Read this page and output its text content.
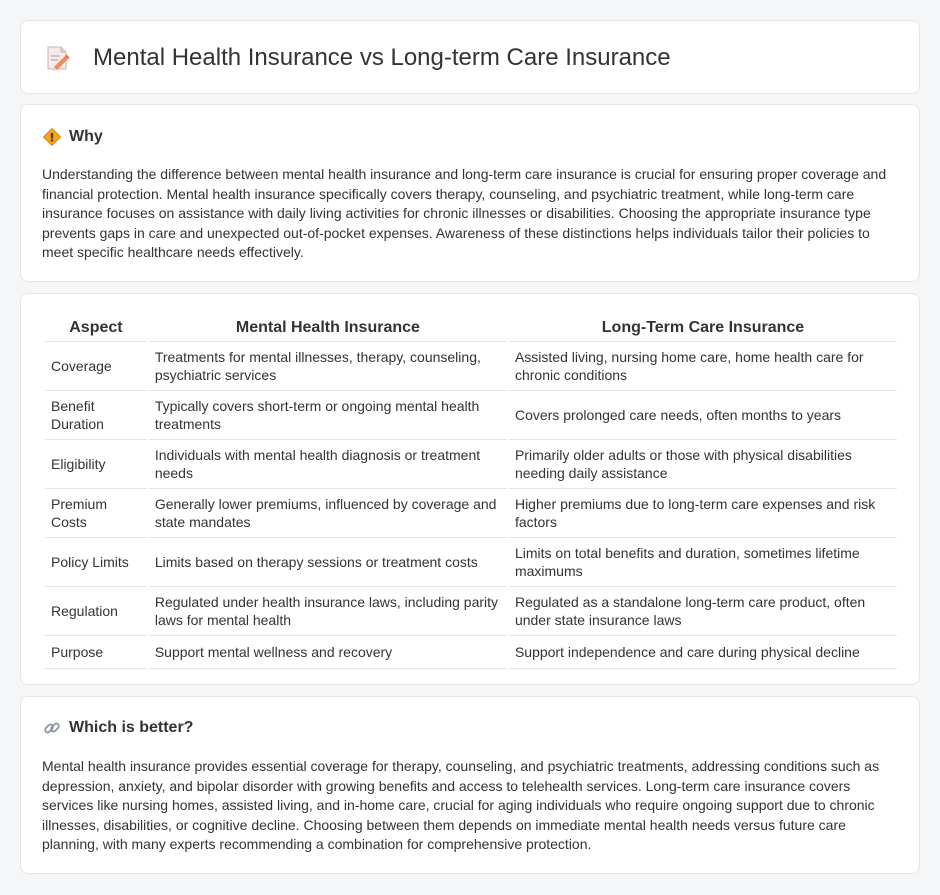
Mental Health Insurance vs Long-term Care Insurance
Why

Understanding the difference between mental health insurance and long-term care insurance is crucial for ensuring proper coverage and financial protection. Mental health insurance specifically covers therapy, counseling, and psychiatric treatment, while long-term care insurance focuses on assistance with daily living activities for chronic illnesses or disabilities. Choosing the appropriate insurance type prevents gaps in care and unexpected out-of-pocket expenses. Awareness of these distinctions helps individuals tailor their policies to meet specific healthcare needs effectively.

Aspect	Mental Health Insurance	Long-Term Care Insurance
Coverage	Treatments for mental illnesses, therapy, counseling, psychiatric services	Assisted living, nursing home care, home health care for chronic conditions
Benefit Duration	Typically covers short-term or ongoing mental health treatments	Covers prolonged care needs, often months to years
Eligibility	Individuals with mental health diagnosis or treatment needs	Primarily older adults or those with physical disabilities needing daily assistance
Premium Costs	Generally lower premiums, influenced by coverage and state mandates	Higher premiums due to long-term care expenses and risk factors
Policy Limits	Limits based on therapy sessions or treatment costs	Limits on total benefits and duration, sometimes lifetime maximums
Regulation	Regulated under health insurance laws, including parity laws for mental health	Regulated as a standalone long-term care product, often under state insurance laws
Purpose	Support mental wellness and recovery	Support independence and care during physical decline
Which is better?

Mental health insurance provides essential coverage for therapy, counseling, and psychiatric treatments, addressing conditions such as depression, anxiety, and bipolar disorder with growing benefits and access to telehealth services. Long-term care insurance covers services like nursing homes, assisted living, and in-home care, crucial for aging individuals who require ongoing support due to chronic illnesses, disabilities, or cognitive decline. Choosing between them depends on immediate mental health needs versus future care planning, with many experts recommending a combination for comprehensive protection.
